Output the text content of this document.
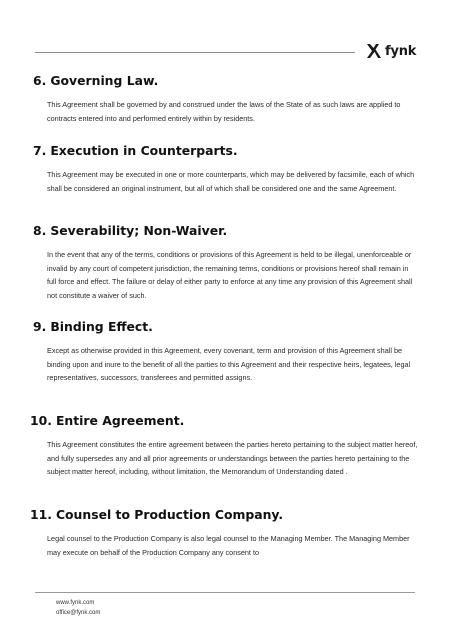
fynk
6. Governing Law.

This Agreement shall be governed by and construed under the laws of the State of as such laws are applied to contracts entered into and performed entirely within by residents.

7. Execution in Counterparts.

This Agreement may be executed in one or more counterparts, which may be delivered by facsimile, each of which shall be considered an original instrument, but all of which shall be considered one and the same Agreement.

8. Severability; Non-Waiver.

In the event that any of the terms, conditions or provisions of this Agreement is held to be illegal, unenforceable or invalid by any court of competent jurisdiction, the remaining terms, conditions or provisions hereof shall remain in full force and effect. The failure or delay of either party to enforce at any time any provision of this Agreement shall not constitute a waiver of such.

9. Binding Effect.

Except as otherwise provided in this Agreement, every covenant, term and provision of this Agreement shall be binding upon and inure to the benefit of all the parties to this Agreement and their respective heirs, legatees, legal representatives, successors, transferees and permitted assigns.

10. Entire Agreement.

This Agreement constitutes the entire agreement between the parties hereto pertaining to the subject matter hereof, and fully supersedes any and all prior agreements or understandings between the parties hereto pertaining to the subject matter hereof, including, without limitation, the Memorandum of Understanding dated .

11. Counsel to Production Company.

Legal counsel to the Production Company is also legal counsel to the Managing Member. The Managing Member may execute on behalf of the Production Company any consent to

www.fynk.com
office@fynk.com
